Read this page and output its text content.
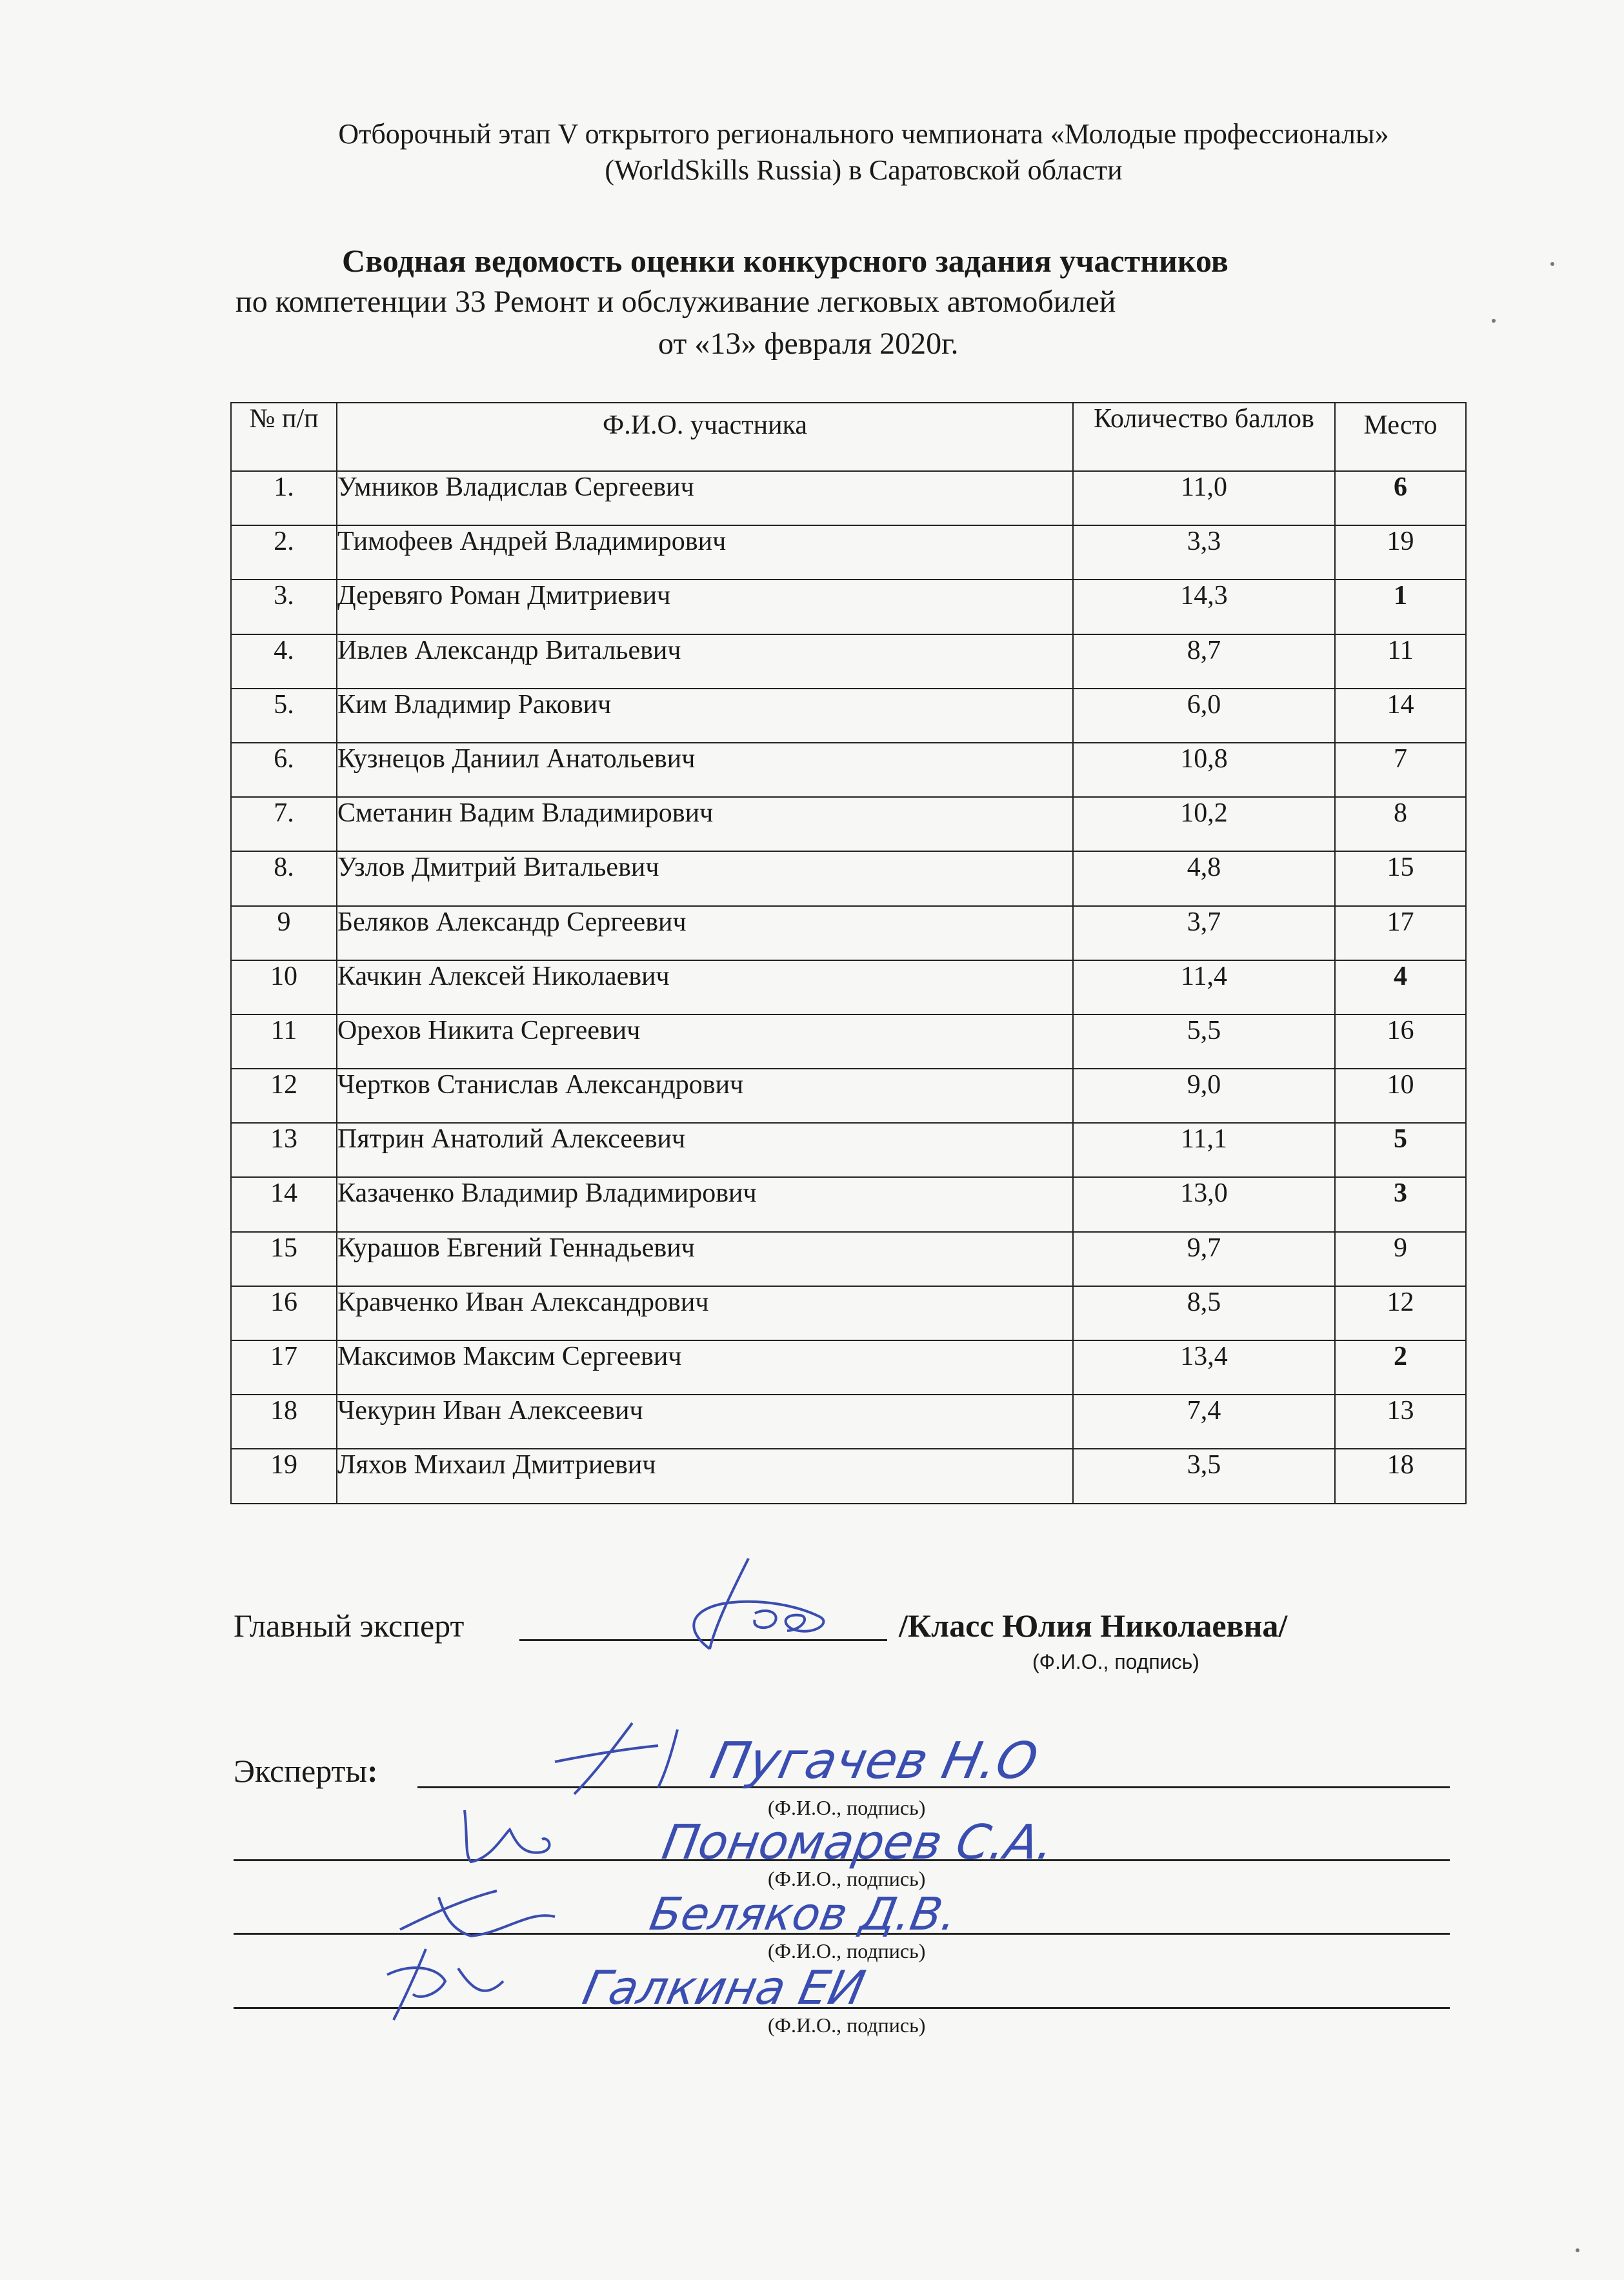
Отборочный этап V открытого регионального чемпионата «Молодые профессионалы»
(WorldSkills Russia) в Саратовской области
Сводная ведомость оценки конкурсного задания участников
по компетенции 33 Ремонт и обслуживание легковых автомобилей
от «13» февраля 2020г.
№ п/п	Ф.И.О. участника	Количество баллов	Место
1.	Умников Владислав Сергеевич	11,0	6
2.	Тимофеев Андрей Владимирович	3,3	19
3.	Деревяго Роман Дмитриевич	14,3	1
4.	Ивлев Александр Витальевич	8,7	11
5.	Ким Владимир Ракович	6,0	14
6.	Кузнецов Даниил Анатольевич	10,8	7
7.	Сметанин Вадим Владимирович	10,2	8
8.	Узлов Дмитрий Витальевич	4,8	15
9	Беляков Александр Сергеевич	3,7	17
10	Качкин Алексей Николаевич	11,4	4
11	Орехов Никита Сергеевич	5,5	16
12	Чертков Станислав Александрович	9,0	10
13	Пятрин Анатолий Алексеевич	11,1	5
14	Казаченко Владимир Владимирович	13,0	3
15	Курашов Евгений Геннадьевич	9,7	9
16	Кравченко Иван Александрович	8,5	12
17	Максимов Максим Сергеевич	13,4	2
18	Чекурин Иван Алексеевич	7,4	13
19	Ляхов Михаил Дмитриевич	3,5	18
Главный эксперт	/Класс Юлия Николаевна/
(Ф.И.О., подпись)
Эксперты:
(Ф.И.О., подпись)
(Ф.И.О., подпись)
(Ф.И.О., подпись)
(Ф.И.О., подпись)
Пугачев Н.О
Пономарев С.А.
Беляков Д.В.
Галкина ЕИ
